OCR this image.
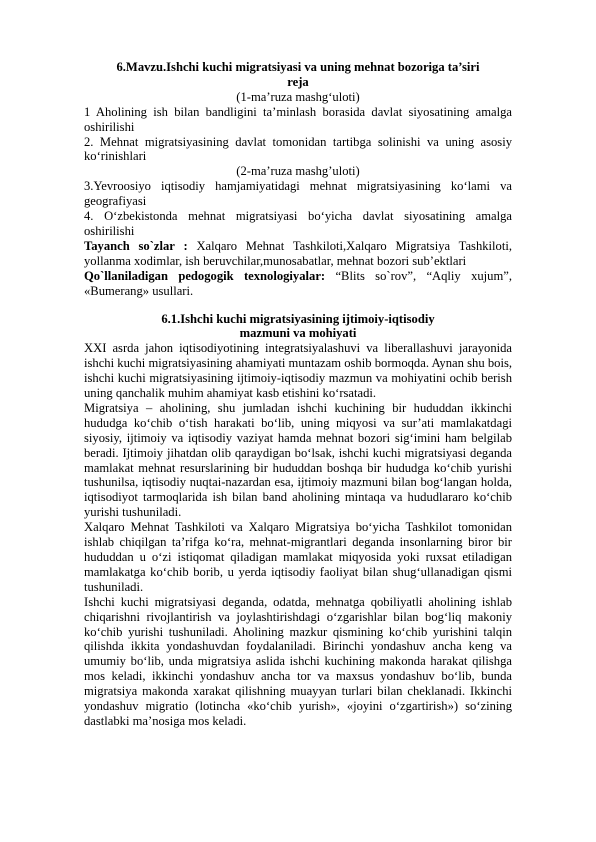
6.Mavzu.Ishchi kuchi migratsiyasi va uning mehnat bozoriga ta’siri

reja

(1-ma’ruza mashg‘uloti)

1 Aholining ish bilan bandligini ta’minlash borasida davlat siyosatining amalga oshirilishi

2. Mehnat migratsiyasining davlat tomonidan tartibga solinishi va uning asosiy ko‘rinishlari

(2-ma’ruza mashg’uloti)

3.Yevroosiyo iqtisodiy hamjamiyatidagi mehnat migratsiyasining ko‘lami va geografiyasi

4. O‘zbekistonda mehnat migratsiyasi bo‘yicha davlat siyosatining amalga oshirilishi

Tayanch so`zlar : Xalqaro Mehnat Tashkiloti,Xalqaro Migratsiya Tashkiloti, yollanma xodimlar, ish beruvchilar,munosabatlar, mehnat bozori sub’ektlari

Qo`llaniladigan pedogogik texnologiyalar: “Blits so`rov”, “Aqliy xujum”, «Bumerang» usullari.

6.1.Ishchi kuchi migratsiyasining ijtimoiy-iqtisodiy

mazmuni va mohiyati

XXI asrda jahon iqtisodiyotining integratsiyalashuvi va liberallashuvi jarayonida ishchi kuchi migratsiyasining ahamiyati muntazam oshib bormoqda. Aynan shu bois, ishchi kuchi migratsiyasining ijtimoiy-iqtisodiy mazmun va mohiyatini ochib berish uning qanchalik muhim ahamiyat kasb etishini ko‘rsatadi.

Migratsiya – aholining, shu jumladan ishchi kuchining bir hududdan ikkinchi hududga ko‘chib o‘tish harakati bo‘lib, uning miqyosi va sur’ati mamlakatdagi siyosiy, ijtimoiy va iqtisodiy vaziyat hamda mehnat bozori sig‘imini ham belgilab beradi. Ijtimoiy jihatdan olib qaraydigan bo‘lsak, ishchi kuchi migratsiyasi deganda mamlakat mehnat resurslarining bir hududdan boshqa bir hududga ko‘chib yurishi tushunilsa, iqtisodiy nuqtai-nazardan esa, ijtimoiy mazmuni bilan bog‘langan holda, iqtisodiyot tarmoqlarida ish bilan band aholining mintaqa va hududlararo ko‘chib yurishi tushuniladi.

Xalqaro Mehnat Tashkiloti va Xalqaro Migratsiya bo‘yicha Tashkilot tomonidan ishlab chiqilgan ta’rifga ko‘ra, mehnat-migrantlari deganda insonlarning biror bir hududdan u o‘zi istiqomat qiladigan mamlakat miqyosida yoki ruxsat etiladigan mamlakatga ko‘chib borib, u yerda iqtisodiy faoliyat bilan shug‘ullanadigan qismi tushuniladi.

Ishchi kuchi migratsiyasi deganda, odatda, mehnatga qobiliyatli aholining ishlab chiqarishni rivojlantirish va joylashtirishdagi o‘zgarishlar bilan bog‘liq makoniy ko‘chib yurishi tushuniladi. Aholining mazkur qismining ko‘chib yurishini talqin qilishda ikkita yondashuvdan foydalaniladi. Birinchi yondashuv ancha keng va umumiy bo‘lib, unda migratsiya aslida ishchi kuchining makonda harakat qilishga mos keladi, ikkinchi yondashuv ancha tor va maxsus yondashuv bo‘lib, bunda migratsiya makonda xarakat qilishning muayyan turlari bilan cheklanadi. Ikkinchi yondashuv migratio (lotincha «ko‘chib yurish», «joyini o‘zgartirish») so‘zining dastlabki ma’nosiga mos keladi.
